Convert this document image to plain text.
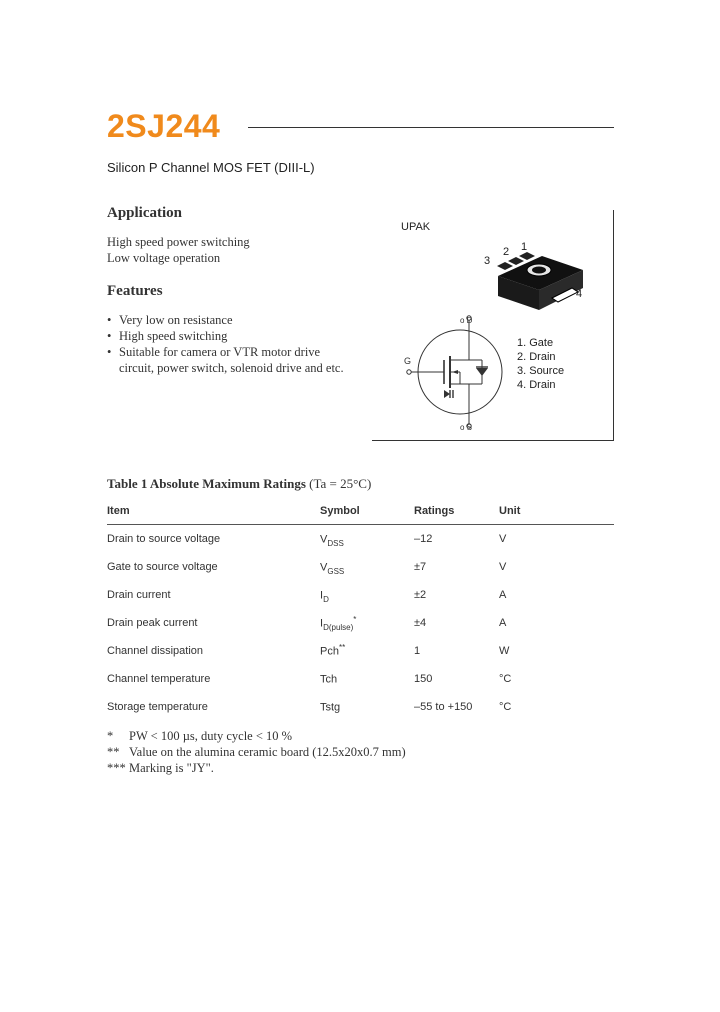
2SJ244
Silicon P Channel MOS FET (DIII-L)
Application
High speed power switching
Low voltage operation
Features
• Very low on resistance
• High speed switching
• Suitable for camera or VTR motor drive
circuit, power switch, solenoid drive and etc.
UPAK
1
2
3
4
o D
G
o S
1. Gate
2. Drain
3. Source
4. Drain
Table 1 Absolute Maximum Ratings (Ta = 25°C)
Item	Symbol	Ratings	Unit
Drain to source voltage	$V_{DSS}$	–12	V
Gate to source voltage	$V_{GSS}$	±7	V
Drain current	$I_D$	±2	A
Drain peak current	$I_{D(pulse)}^*$	±4	A
Channel dissipation	Pch**	1	W
Channel temperature	Tch	150	°C
Storage temperature	Tstg	–55 to +150	°C
*	PW < 100 µs, duty cycle < 10 %
** Value on the alumina ceramic board (12.5x20x0.7 mm)
*** Marking is "JY".
